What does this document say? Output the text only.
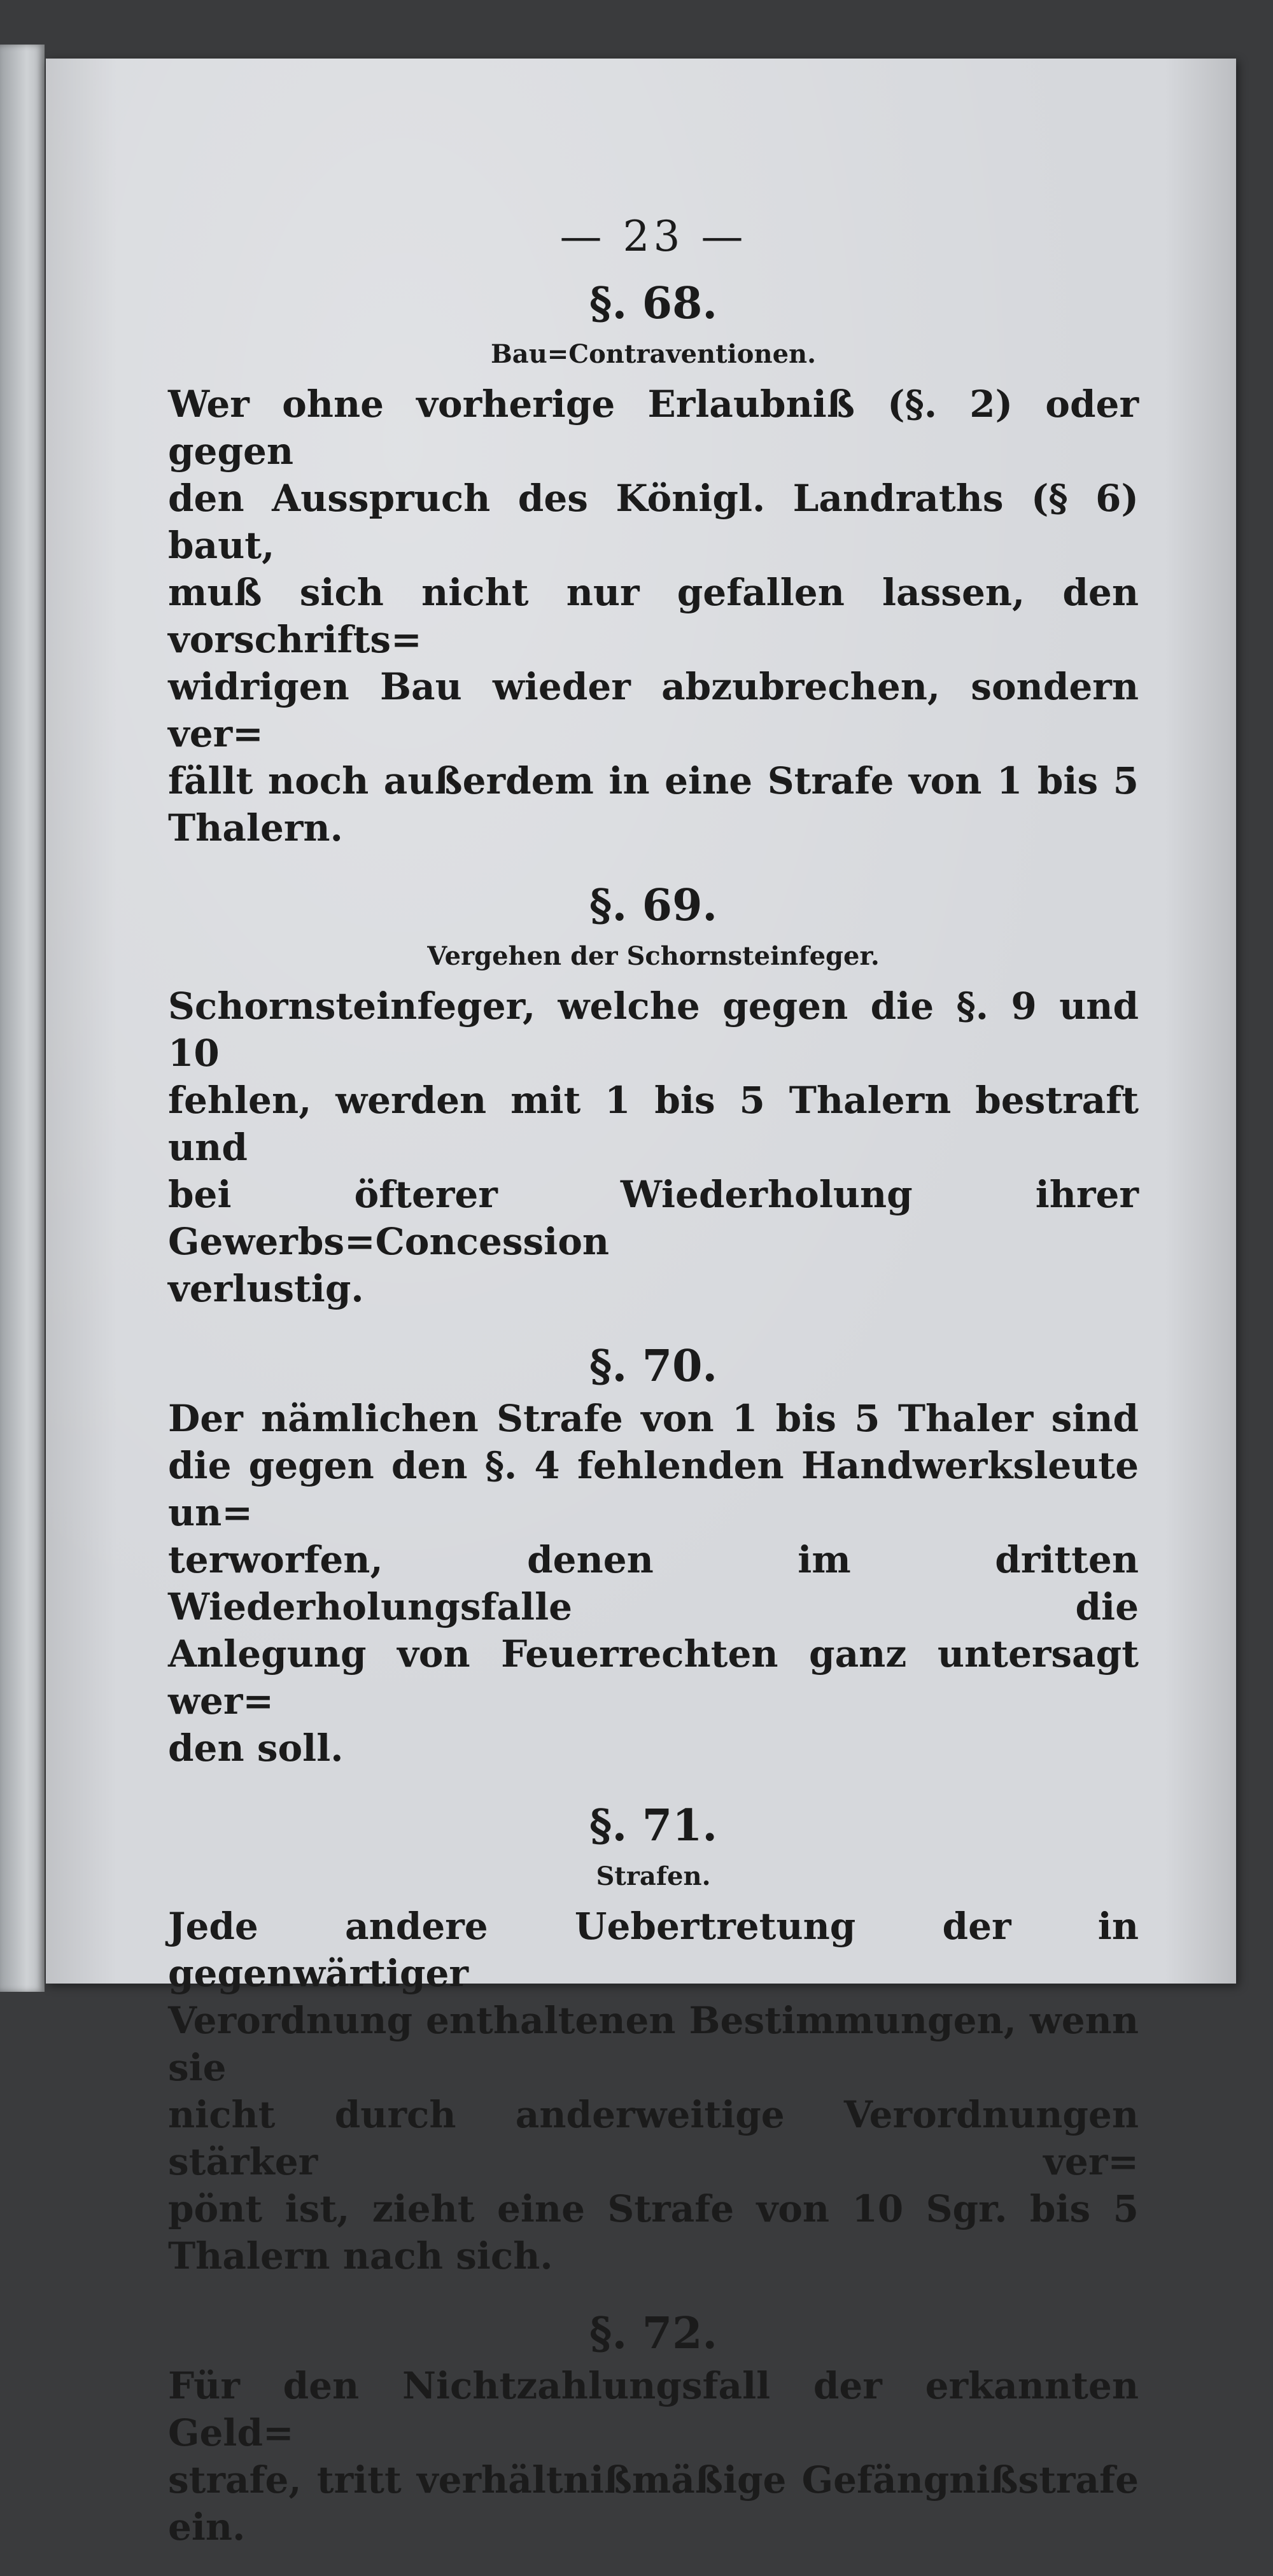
— 23 —
§. 68.
Bau=Contraventionen.
Wer ohne vorherige Erlaubniß (§. 2) oder gegen
den Ausspruch des Königl. Landraths (§ 6) baut,
muß sich nicht nur gefallen lassen, den vorschrifts=
widrigen Bau wieder abzubrechen, sondern ver=
fällt noch außerdem in eine Strafe von 1 bis 5
Thalern.
§. 69.
Vergehen der Schornsteinfeger.
Schornsteinfeger, welche gegen die §. 9 und 10
fehlen, werden mit 1 bis 5 Thalern bestraft und
bei öfterer Wiederholung ihrer Gewerbs=Concession
verlustig.
§. 70.
Der nämlichen Strafe von 1 bis 5 Thaler sind
die gegen den §. 4 fehlenden Handwerksleute un=
terworfen, denen im dritten Wiederholungsfalle die
Anlegung von Feuerrechten ganz untersagt wer=
den soll.
§. 71.
Strafen.
Jede andere Uebertretung der in gegenwärtiger
Verordnung enthaltenen Bestimmungen, wenn sie
nicht durch anderweitige Verordnungen stärker ver=
pönt ist, zieht eine Strafe von 10 Sgr. bis 5
Thalern nach sich.
§. 72.
Für den Nichtzahlungsfall der erkannten Geld=
strafe, tritt verhältnißmäßige Gefängnißstrafe ein.
